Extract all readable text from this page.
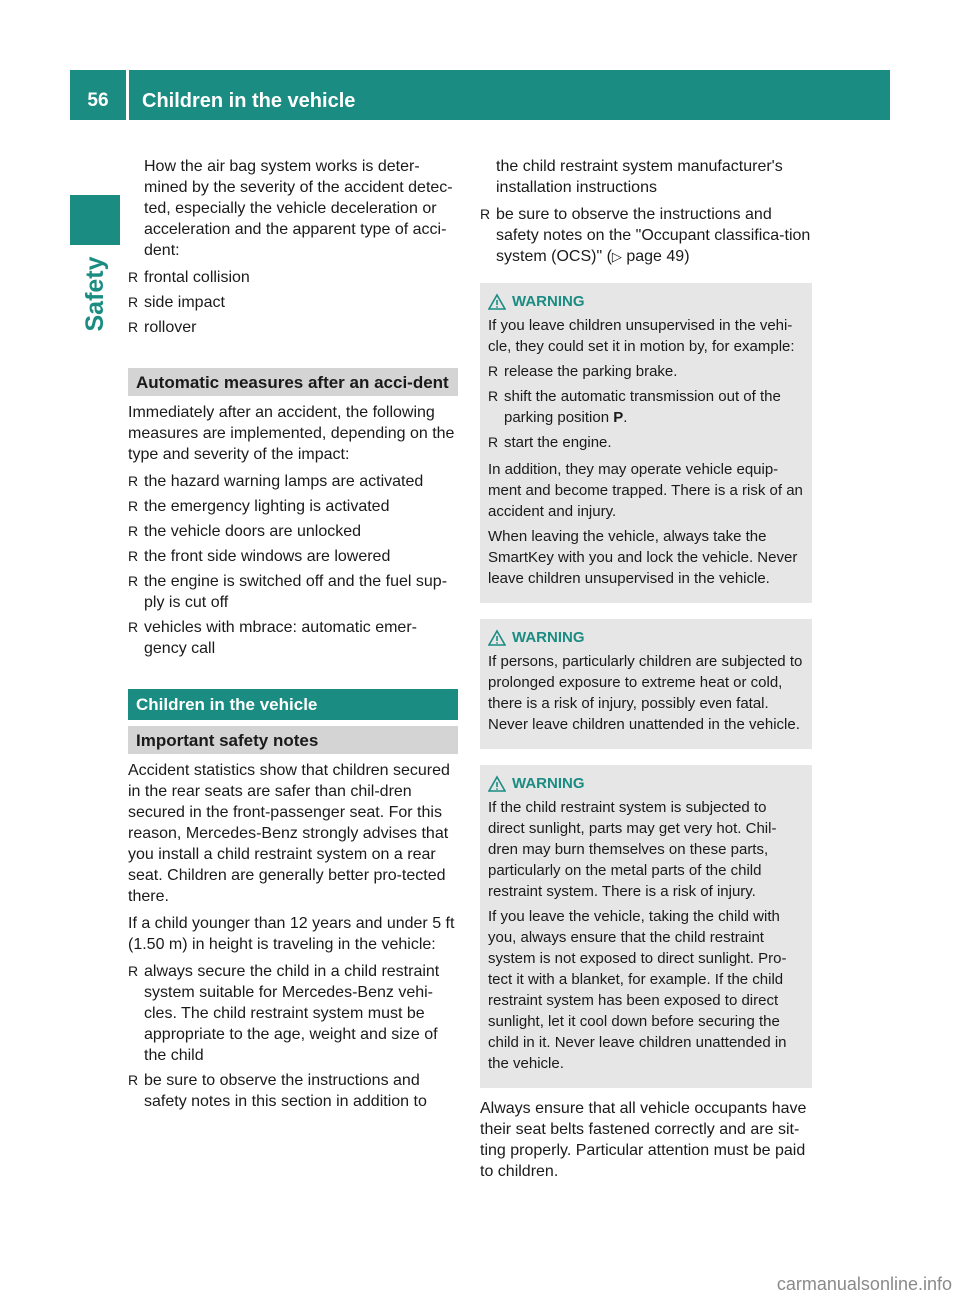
56	Children in the vehicle
Safety

How the air bag system works is deter-mined by the severity of the accident detec-ted, especially the vehicle deceleration or acceleration and the apparent type of acci-dent:

R frontal collision
R side impact
R rollover
Automatic measures after an acci-dent

Immediately after an accident, the following measures are implemented, depending on the type and severity of the impact:

R the hazard warning lamps are activated
R the emergency lighting is activated
R the vehicle doors are unlocked
R the front side windows are lowered
R the engine is switched off and the fuel sup-ply is cut off
R vehicles with mbrace: automatic emer-gency call
Children in the vehicle
Important safety notes

Accident statistics show that children secured in the rear seats are safer than chil-dren secured in the front-passenger seat. For this reason, Mercedes-Benz strongly advises that you install a child restraint system on a rear seat. Children are generally better pro-tected there.

If a child younger than 12 years and under 5 ft (1.50 m) in height is traveling in the vehicle:

R always secure the child in a child restraint system suitable for Mercedes-Benz vehi-cles. The child restraint system must be appropriate to the age, weight and size of the child
R be sure to observe the instructions and safety notes in this section in addition to

the child restraint system manufacturer's installation instructions

R be sure to observe the instructions and safety notes on the "Occupant classifica-tion system (OCS)" (▷ page 49)
WARNING

If you leave children unsupervised in the vehi-cle, they could set it in motion by, for example:

R release the parking brake.
R shift the automatic transmission out of the parking position P.
R start the engine.

In addition, they may operate vehicle equip-ment and become trapped. There is a risk of an accident and injury.

When leaving the vehicle, always take the SmartKey with you and lock the vehicle. Never leave children unsupervised in the vehicle.

WARNING

If persons, particularly children are subjected to prolonged exposure to extreme heat or cold, there is a risk of injury, possibly even fatal. Never leave children unattended in the vehicle.

WARNING

If the child restraint system is subjected to direct sunlight, parts may get very hot. Chil-dren may burn themselves on these parts, particularly on the metal parts of the child restraint system. There is a risk of injury.

If you leave the vehicle, taking the child with you, always ensure that the child restraint system is not exposed to direct sunlight. Pro-tect it with a blanket, for example. If the child restraint system has been exposed to direct sunlight, let it cool down before securing the child in it. Never leave children unattended in the vehicle.

Always ensure that all vehicle occupants have their seat belts fastened correctly and are sit-ting properly. Particular attention must be paid to children.

carmanualsonline.info
